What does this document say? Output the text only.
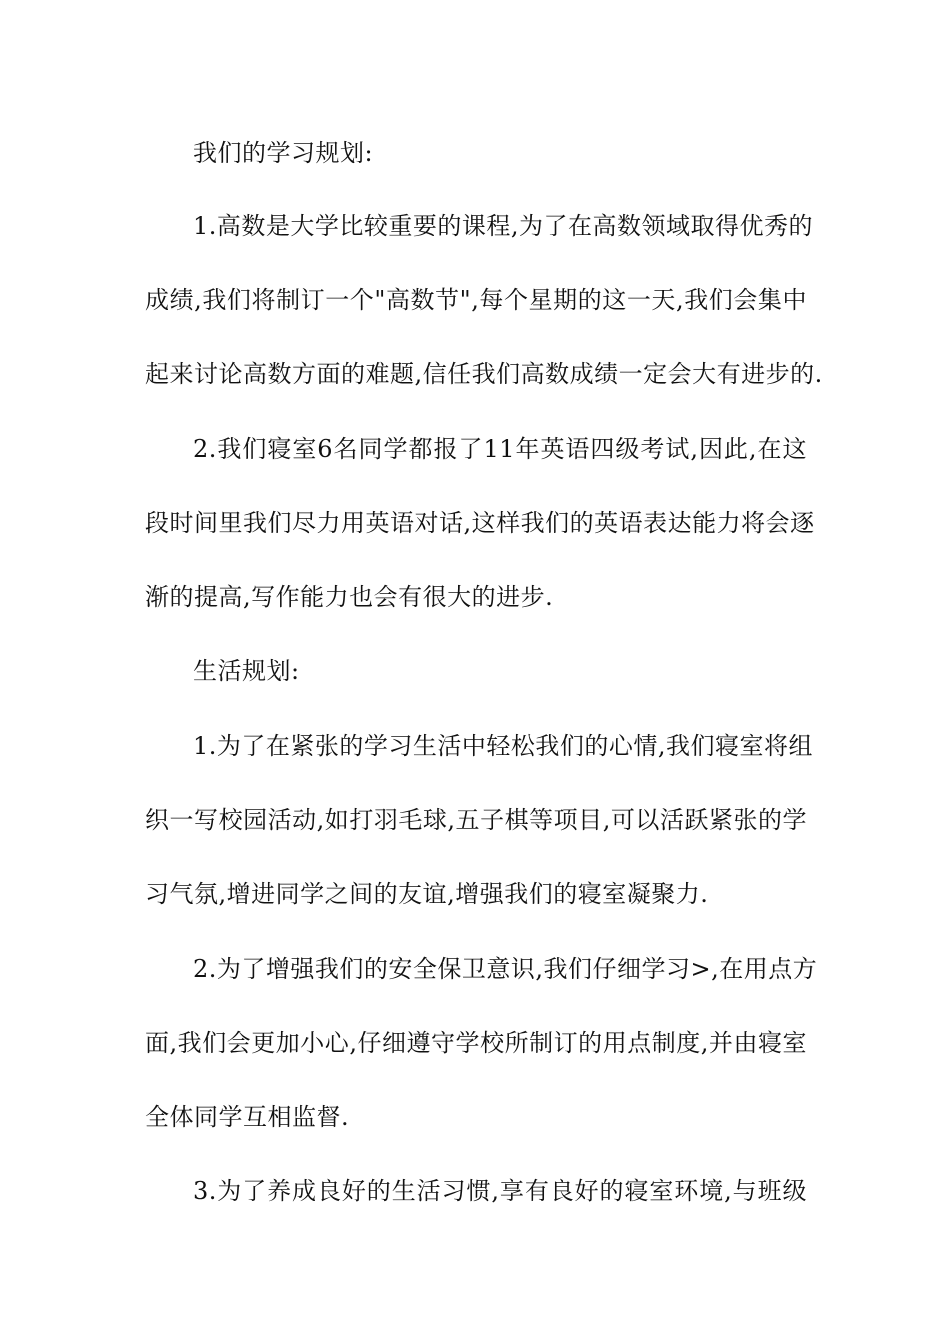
我们的学习规划:
1.高数是大学比较重要的课程,为了在高数领域取得优秀的
成绩,我们将制订一个"高数节",每个星期的这一天,我们会集中
起来讨论高数方面的难题,信任我们高数成绩一定会大有进步的.
2.我们寝室6名同学都报了11年英语四级考试,因此,在这
段时间里我们尽力用英语对话,这样我们的英语表达能力将会逐
渐的提高,写作能力也会有很大的进步.
生活规划:
1.为了在紧张的学习生活中轻松我们的心情,我们寝室将组
织一写校园活动,如打羽毛球,五子棋等项目,可以活跃紧张的学
习气氛,增进同学之间的友谊,增强我们的寝室凝聚力.
2.为了增强我们的安全保卫意识,我们仔细学习>,在用点方
面,我们会更加小心,仔细遵守学校所制订的用点制度,并由寝室
全体同学互相监督.
3.为了养成良好的生活习惯,享有良好的寝室环境,与班级
